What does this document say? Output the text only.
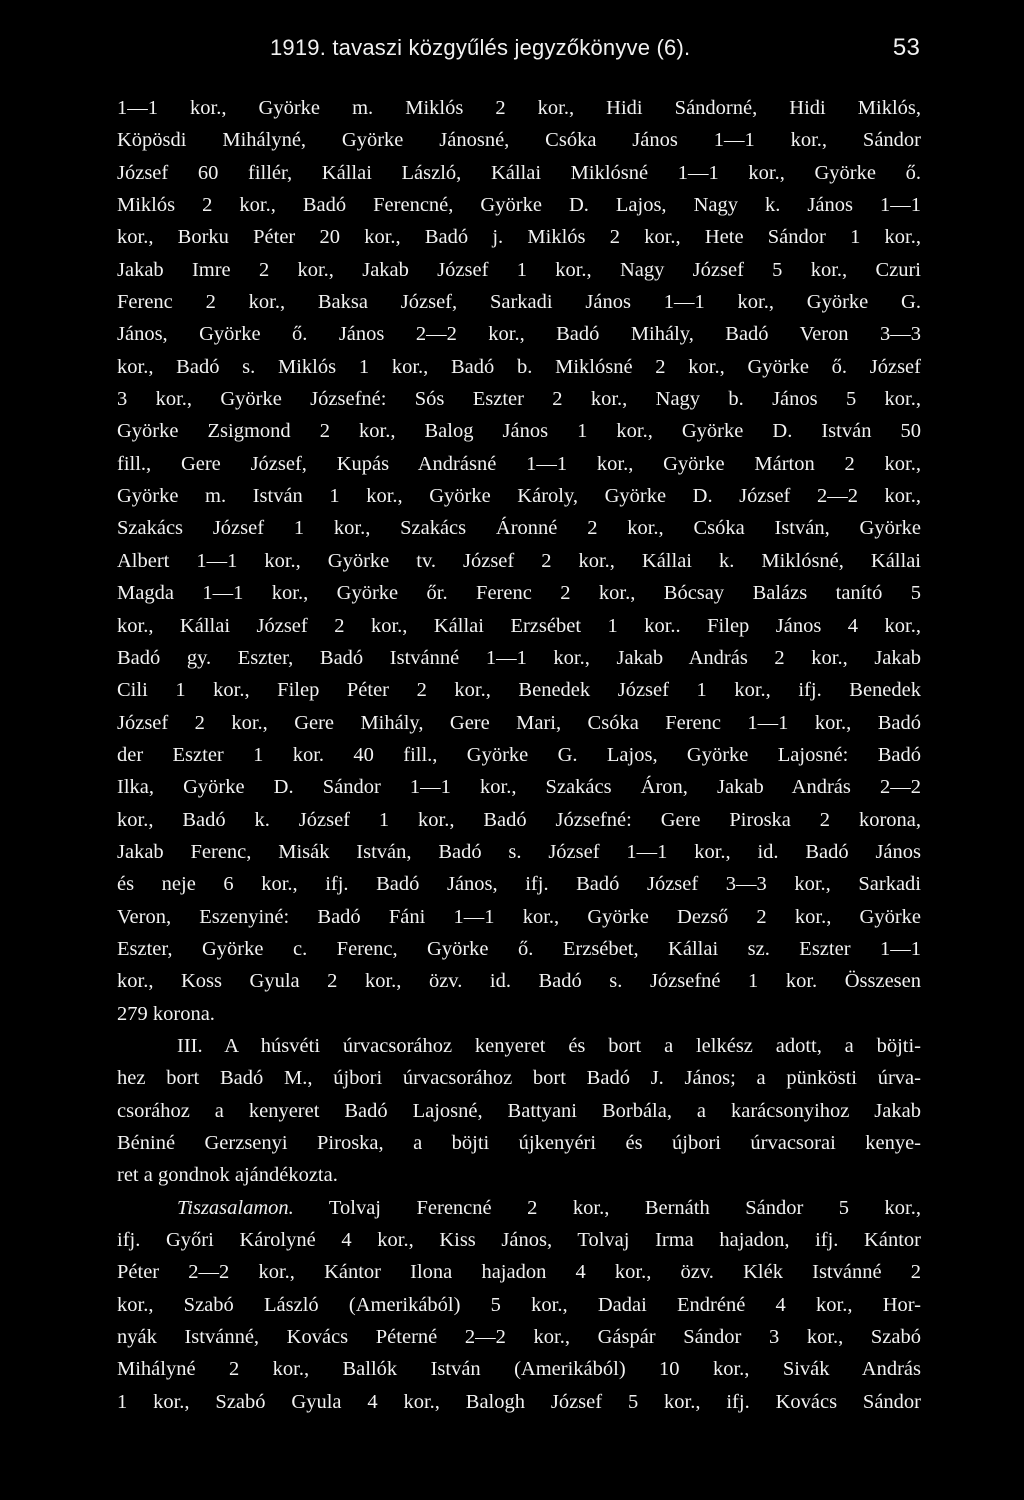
1919. tavaszi közgyűlés jegyzőkönyve (6).	53
1—1 kor., Györke m. Miklós 2 kor., Hidi Sándorné, Hidi Miklós,
Köpösdi Mihályné, Györke Jánosné, Csóka János 1—1 kor., Sándor
József 60 fillér, Kállai László, Kállai Miklósné 1—1 kor., Györke ő.
Miklós 2 kor., Badó Ferencné, Györke D. Lajos, Nagy k. János 1—1
kor., Borku Péter 20 kor., Badó j. Miklós 2 kor., Hete Sándor 1 kor.,
Jakab Imre 2 kor., Jakab József 1 kor., Nagy József 5 kor., Czuri
Ferenc 2 kor., Baksa József, Sarkadi János 1—1 kor., Györke G.
János, Györke ő. János 2—2 kor., Badó Mihály, Badó Veron 3—3
kor., Badó s. Miklós 1 kor., Badó b. Miklósné 2 kor., Györke ő. József
3 kor., Györke Józsefné: Sós Eszter 2 kor., Nagy b. János 5 kor.,
Györke Zsigmond 2 kor., Balog János 1 kor., Györke D. István 50
fill., Gere József, Kupás Andrásné 1—1 kor., Györke Márton 2 kor.,
Györke m. István 1 kor., Györke Károly, Györke D. József 2—2 kor.,
Szakács József 1 kor., Szakács Áronné 2 kor., Csóka István, Györke
Albert 1—1 kor., Györke tv. József 2 kor., Kállai k. Miklósné, Kállai
Magda 1—1 kor., Györke őr. Ferenc 2 kor., Bócsay Balázs tanító 5
kor., Kállai József 2 kor., Kállai Erzsébet 1 kor.. Filep János 4 kor.,
Badó gy. Eszter, Badó Istvánné 1—1 kor., Jakab András 2 kor., Jakab
Cili 1 kor., Filep Péter 2 kor., Benedek József 1 kor., ifj. Benedek
József 2 kor., Gere Mihály, Gere Mari, Csóka Ferenc 1—1 kor., Badó
der Eszter 1 kor. 40 fill., Györke G. Lajos, Györke Lajosné: Badó
Ilka, Györke D. Sándor 1—1 kor., Szakács Áron, Jakab András 2—2
kor., Badó k. József 1 kor., Badó Józsefné: Gere Piroska 2 korona,
Jakab Ferenc, Misák István, Badó s. József 1—1 kor., id. Badó János
és neje 6 kor., ifj. Badó János, ifj. Badó József 3—3 kor., Sarkadi
Veron, Eszenyiné: Badó Fáni 1—1 kor., Györke Dezső 2 kor., Györke
Eszter, Györke c. Ferenc, Györke ő. Erzsébet, Kállai sz. Eszter 1—1
kor., Koss Gyula 2 kor., özv. id. Badó s. Józsefné 1 kor. Összesen
279 korona.
III. A húsvéti úrvacsorához kenyeret és bort a lelkész adott, a böjti-
hez bort Badó M., újbori úrvacsorához bort Badó J. János; a pünkösti úrva-
csorához a kenyeret Badó Lajosné, Battyani Borbála, a karácsonyihoz Jakab
Béniné Gerzsenyi Piroska, a böjti újkenyéri és újbori úrvacsorai kenye-
ret a gondnok ajándékozta.
Tiszasalamon. Tolvaj Ferencné 2 kor., Bernáth Sándor 5 kor.,
ifj. Győri Károlyné 4 kor., Kiss János, Tolvaj Irma hajadon, ifj. Kántor
Péter 2—2 kor., Kántor Ilona hajadon 4 kor., özv. Klék Istvánné 2
kor., Szabó László (Amerikából) 5 kor., Dadai Endréné 4 kor., Hor-
nyák Istvánné, Kovács Péterné 2—2 kor., Gáspár Sándor 3 kor., Szabó
Mihályné 2 kor., Ballók István (Amerikából) 10 kor., Sivák András
1 kor., Szabó Gyula 4 kor., Balogh József 5 kor., ifj. Kovács Sándor
